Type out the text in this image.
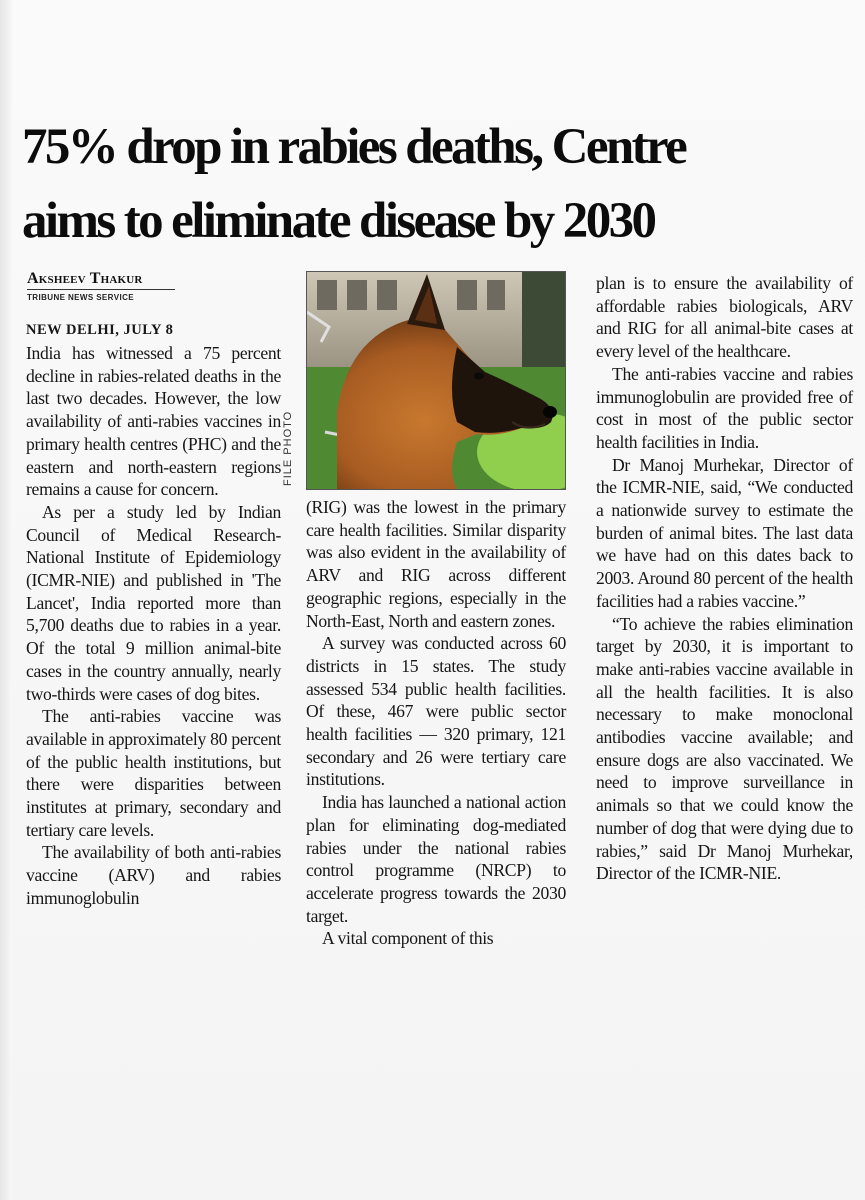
75% drop in rabies deaths, Centre
aims to eliminate disease by 2030
Aksheev Thakur
TRIBUNE NEWS SERVICE
NEW DELHI, JULY 8

India has witnessed a 75 percent decline in rabies-related deaths in the last two decades. However, the low availability of anti-rabies vaccines in primary health centres (PHC) and the eastern and north-eastern regions remains a cause for concern.

As per a study led by Indian Council of Medical Research-National Institute of Epidemiology (ICMR-NIE) and published in 'The Lancet', India reported more than 5,700 deaths due to rabies in a year. Of the total 9 million animal-bite cases in the country annually, nearly two-thirds were cases of dog bites.

The anti-rabies vaccine was available in approximately 80 percent of the public health institutions, but there were disparities between institutes at primary, secondary and tertiary care levels.

The availability of both anti-rabies vaccine (ARV) and rabies immunoglobulin

FILE PHOTO

(RIG) was the lowest in the primary care health facilities. Similar disparity was also evident in the availability of ARV and RIG across different geographic regions, especially in the North-East, North and eastern zones.

A survey was conducted across 60 districts in 15 states. The study assessed 534 public health facilities. Of these, 467 were public sector health facilities — 320 primary, 121 secondary and 26 were tertiary care institutions.

India has launched a national action plan for eliminating dog-mediated rabies under the national rabies control programme (NRCP) to accelerate progress towards the 2030 target.

A vital component of this

plan is to ensure the availability of affordable rabies biologicals, ARV and RIG for all animal-bite cases at every level of the healthcare.

The anti-rabies vaccine and rabies immunoglobulin are provided free of cost in most of the public sector health facilities in India.

Dr Manoj Murhekar, Director of the ICMR-NIE, said, “We conducted a nationwide survey to estimate the burden of animal bites. The last data we have had on this dates back to 2003. Around 80 percent of the health facilities had a rabies vaccine.”

“To achieve the rabies elimination target by 2030, it is important to make anti-rabies vaccine available in all the health facilities. It is also necessary to make monoclonal antibodies vaccine available; and ensure dogs are also vaccinated. We need to improve surveillance in animals so that we could know the number of dog that were dying due to rabies,” said Dr Manoj Murhekar, Director of the ICMR-NIE.
